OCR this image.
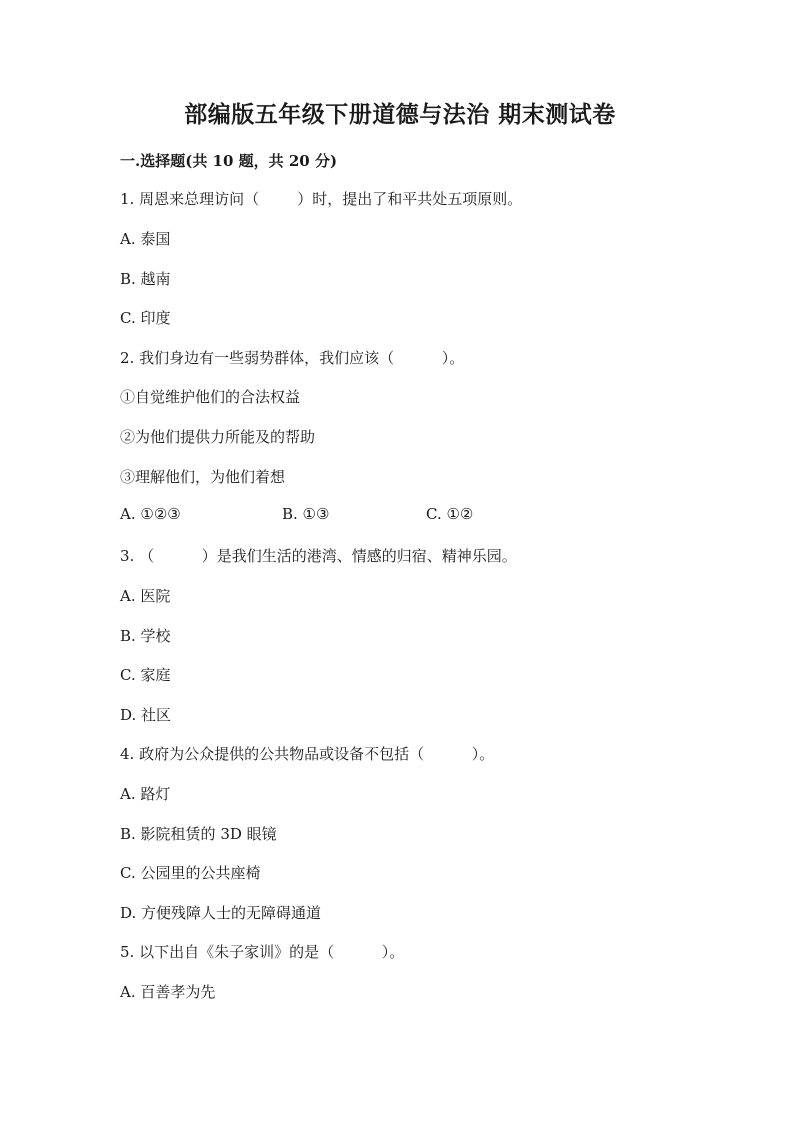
部编版五年级下册道德与法治 期末测试卷
一.选择题(共 10 题，共 20 分)
1. 周恩来总理访问（        ）时，提出了和平共处五项原则。
A. 泰国
B. 越南
C. 印度
2. 我们身边有一些弱势群体，我们应该（          ）。
①自觉维护他们的合法权益
②为他们提供力所能及的帮助
③理解他们，为他们着想
A. ①②③	B. ①③	C. ①②
3. （          ）是我们生活的港湾、情感的归宿、精神乐园。
A. 医院
B. 学校
C. 家庭
D. 社区
4. 政府为公众提供的公共物品或设备不包括（          ）。
A. 路灯
B. 影院租赁的 3D 眼镜
C. 公园里的公共座椅
D. 方便残障人士的无障碍通道
5. 以下出自《朱子家训》的是（          ）。
A. 百善孝为先
